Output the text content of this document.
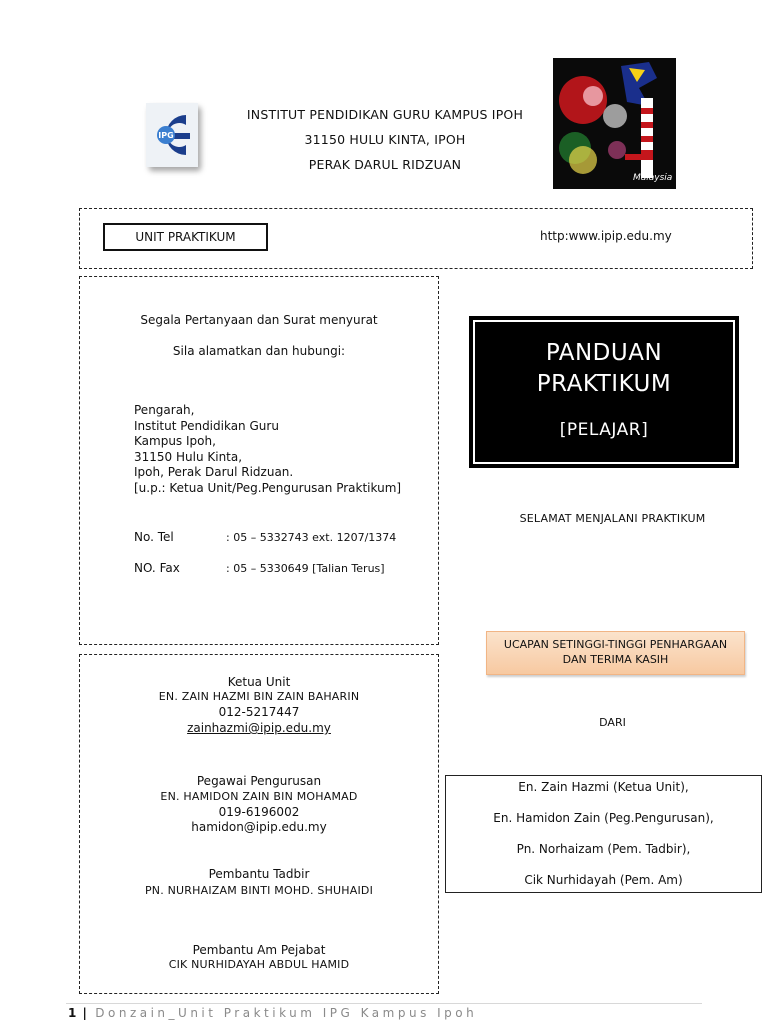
IPG
INSTITUT PENDIDIKAN GURU KAMPUS IPOH
31150 HULU KINTA, IPOH
PERAK DARUL RIDZUAN
Malaysia
UNIT PRAKTIKUM	http:www.ipip.edu.my
Segala Pertanyaan dan Surat menyurat
Sila alamatkan dan hubungi:
Pengarah,
Institut Pendidikan Guru
Kampus Ipoh,
31150 Hulu Kinta,
Ipoh, Perak Darul Ridzuan.
[u.p.: Ketua Unit/Peg.Pengurusan Praktikum]
No. Tel	: 05 – 5332743 ext. 1207/1374
NO. Fax	: 05 – 5330649 [Talian Terus]
PANDUAN
PRAKTIKUM
[PELAJAR]
SELAMAT MENJALANI PRAKTIKUM
UCAPAN SETINGGI-TINGGI PENHARGAAN
DAN TERIMA KASIH
DARI
En. Zain Hazmi (Ketua Unit),
En. Hamidon Zain (Peg.Pengurusan),
Pn. Norhaizam (Pem. Tadbir),
Cik Nurhidayah (Pem. Am)
Ketua Unit
EN. ZAIN HAZMI BIN ZAIN BAHARIN
012-5217447
zainhazmi@ipip.edu.my
Pegawai Pengurusan
EN. HAMIDON ZAIN BIN MOHAMAD
019-6196002
hamidon@ipip.edu.my
Pembantu Tadbir
PN. NURHAIZAM BINTI MOHD. SHUHAIDI
Pembantu Am Pejabat
CIK NURHIDAYAH ABDUL HAMID
1 | Donzain_Unit Praktikum IPG Kampus Ipoh
